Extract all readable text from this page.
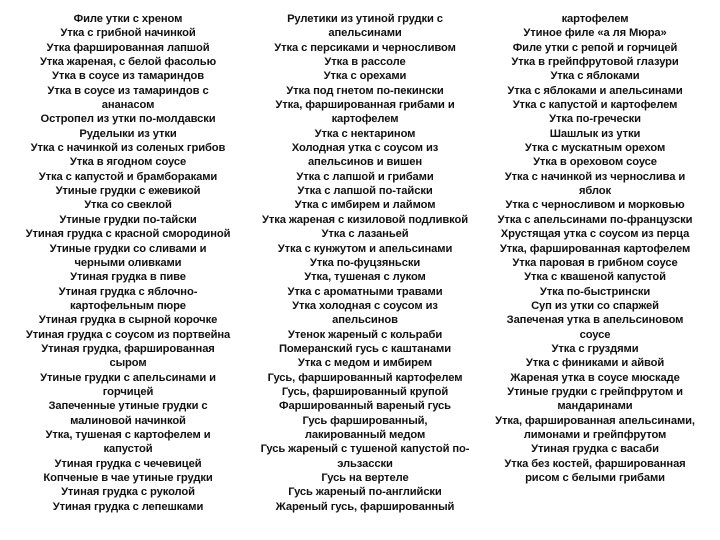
Филе утки с хреном
Утка с грибной начинкой
Утка фаршированная лапшой
Утка жареная, с белой фасолью
Утка в соусе из тамариндов
Утка в соусе из тамариндов с
ананасом
Остропел из утки по-молдавски
Руделыки из утки
Утка с начинкой из соленых грибов
Утка в ягодном соусе
Утка с капустой и брамбораками
Утиные грудки с ежевикой
Утка со свеклой
Утиные грудки по-тайски
Утиная грудка с красной смородиной
Утиные грудки со сливами и
черными оливками
Утиная грудка в пиве
Утиная грудка с яблочно-
картофельным пюре
Утиная грудка в сырной корочке
Утиная грудка с соусом из портвейна
Утиная грудка, фаршированная
сыром
Утиные грудки с апельсинами и
горчицей
Запеченные утиные грудки с
малиновой начинкой
Утка, тушеная с картофелем и
капустой
Утиная грудка с чечевицей
Копченые в чае утиные грудки
Утиная грудка с руколой
Утиная грудка с лепешками
Рулетики из утиной грудки с
апельсинами
Утка с персиками и черносливом
Утка в рассоле
Утка с орехами
Утка под гнетом по-пекински
Утка, фаршированная грибами и
картофелем
Утка с нектарином
Холодная утка с соусом из
апельсинов и вишен
Утка с лапшой и грибами
Утка с лапшой по-тайски
Утка с имбирем и лаймом
Утка жареная с кизиловой подливкой
Утка с лазаньей
Утка с кунжутом и апельсинами
Утка по-фуцзяньски
Утка, тушеная с луком
Утка с ароматными травами
Утка холодная с соусом из
апельсинов
Утенок жареный с кольраби
Померанский гусь с каштанами
Утка с медом и имбирем
Гусь, фаршированный картофелем
Гусь, фаршированный крупой
Фаршированный вареный гусь
Гусь фаршированный,
лакированный медом
Гусь жареный с тушеной капустой по-
эльзасски
Гусь на вертеле
Гусь жареный по-английски
Жареный гусь, фаршированный
картофелем
Утиное филе «а ля Мюра»
Филе утки с репой и горчицей
Утка в грейпфрутовой глазури
Утка с яблоками
Утка с яблоками и апельсинами
Утка с капустой и картофелем
Утка по-гречески
Шашлык из утки
Утка с мускатным орехом
Утка в ореховом соусе
Утка с начинкой из чернослива и
яблок
Утка с черносливом и морковью
Утка с апельсинами по-французски
Хрустящая утка с соусом из перца
Утка, фаршированная картофелем
Утка паровая в грибном соусе
Утка с квашеной капустой
Утка по-быстрински
Суп из утки со спаржей
Запеченая утка в апельсиновом
соусе
Утка с груздями
Утка с финиками и айвой
Жареная утка в соусе мюскаде
Утиные грудки с грейпфрутом и
мандаринами
Утка, фаршированная апельсинами,
лимонами и грейпфрутом
Утиная грудка с васаби
Утка без костей, фаршированная
рисом с белыми грибами
